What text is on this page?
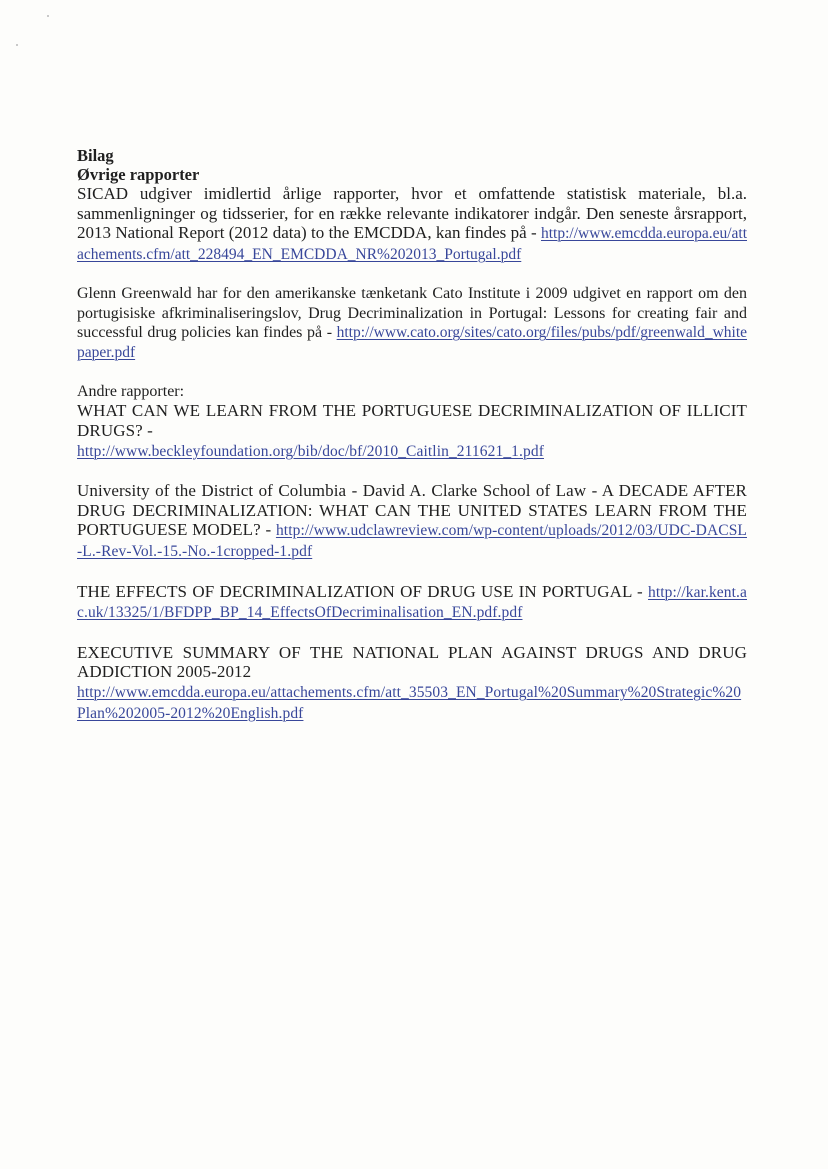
Bilag
Øvrige rapporter

SICAD udgiver imidlertid årlige rapporter, hvor et omfattende statistisk materiale, bl.a. sammenligninger og tidsserier, for en række relevante indikatorer indgår. Den seneste årsrapport, 2013 National Report (2012 data) to the EMCDDA, kan findes på - http://www.emcdda.europa.eu/attachements.cfm/att_228494_EN_EMCDDA_NR%202013_Portugal.pdf

Glenn Greenwald har for den amerikanske tænketank Cato Institute i 2009 udgivet en rapport om den portugisiske afkriminaliseringslov, Drug Decriminalization in Portugal: Lessons for creating fair and successful drug policies kan findes på - http://www.cato.org/sites/cato.org/files/pubs/pdf/greenwald_whitepaper.pdf

Andre rapporter:

WHAT CAN WE LEARN FROM THE PORTUGUESE DECRIMINALIZATION OF ILLICIT DRUGS? -
http://www.beckleyfoundation.org/bib/doc/bf/2010_Caitlin_211621_1.pdf

University of the District of Columbia - David A. Clarke School of Law - A DECADE AFTER DRUG DECRIMINALIZATION: WHAT CAN THE UNITED STATES LEARN FROM THE PORTUGUESE MODEL? - http://www.udclawreview.com/wp-content/uploads/2012/03/UDC-DACSL-L.-Rev-Vol.-15.-No.-1cropped-1.pdf

THE EFFECTS OF DECRIMINALIZATION OF DRUG USE IN PORTUGAL - http://kar.kent.ac.uk/13325/1/BFDPP_BP_14_EffectsOfDecriminalisation_EN.pdf.pdf

EXECUTIVE SUMMARY OF THE NATIONAL PLAN AGAINST DRUGS AND DRUG ADDICTION 2005-2012
http://www.emcdda.europa.eu/attachements.cfm/att_35503_EN_Portugal%20Summary%20Strategic%20Plan%202005-2012%20English.pdf
